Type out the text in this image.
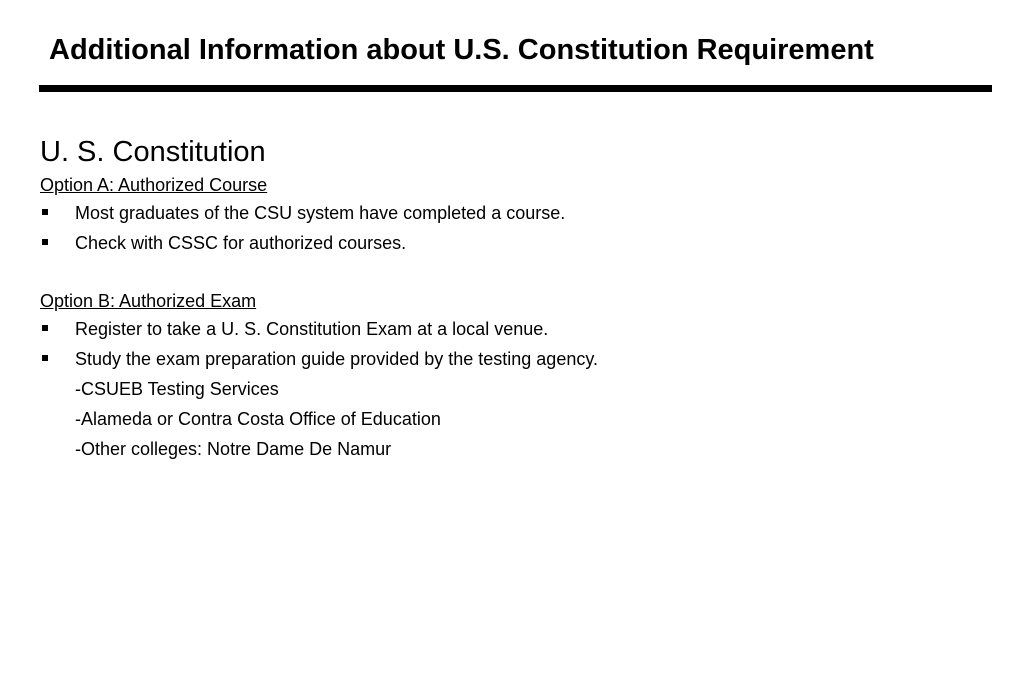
Additional Information about U.S. Constitution Requirement
U. S. Constitution
Option A: Authorized Course
Most graduates of the CSU system have completed a course.
Check with CSSC for authorized courses.
Option B: Authorized Exam
Register to take a U. S. Constitution Exam at a local venue.
Study the exam preparation guide provided by the testing agency.
-CSUEB Testing Services
-Alameda or Contra Costa Office of Education
-Other colleges: Notre Dame De Namur
